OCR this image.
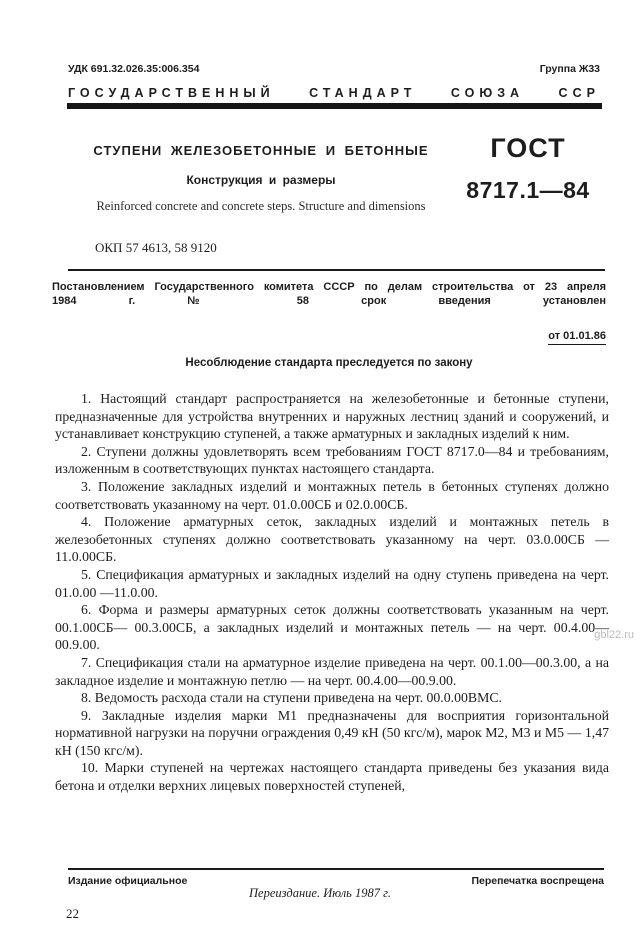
УДК 691.32.026.35:006.354	Группа Ж33
ГОСУДАРСТВЕННЫЙ СТАНДАРТ СОЮЗА ССР
СТУПЕНИ ЖЕЛЕЗОБЕТОННЫЕ И БЕТОННЫЕ
Конструкция и размеры
Reinforced concrete and concrete steps. Structure and dimensions
ГОСТ
8717.1—84
ОКП 57 4613, 58 9120
Постановлением Государственного комитета СССР по делам строительства от 23 апреля 1984 г. № 58 срок введения установлен
от 01.01.86
Несоблюдение стандарта преследуется по закону

1. Настоящий стандарт распространяется на железобетонные и бетонные ступени, предназначенные для устройства внутренних и наружных лестниц зданий и сооружений, и устанавливает конструкцию ступеней, а также арматурных и закладных изделий к ним.

2. Ступени должны удовлетворять всем требованиям ГОСТ 8717.0—84 и требованиям, изложенным в соответствующих пунктах настоящего стандарта.

3. Положение закладных изделий и монтажных петель в бетонных ступенях должно соответствовать указанному на черт. 01.0.00СБ и 02.0.00СБ.

4. Положение арматурных сеток, закладных изделий и монтажных петель в железобетонных ступенях должно соответствовать указанному на черт. 03.0.00СБ — 11.0.00СБ.

5. Спецификация арматурных и закладных изделий на одну ступень приведена на черт. 01.0.00 —11.0.00.

6. Форма и размеры арматурных сеток должны соответствовать указанным на черт. 00.1.00СБ— 00.3.00СБ, а закладных изделий и монтажных петель — на черт. 00.4.00—00.9.00.

7. Спецификация стали на арматурное изделие приведена на черт. 00.1.00—00.3.00, а на закладное изделие и монтажную петлю — на черт. 00.4.00—00.9.00.

8. Ведомость расхода стали на ступени приведена на черт. 00.0.00ВМС.

9. Закладные изделия марки М1 предназначены для восприятия горизонтальной нормативной нагрузки на поручни ограждения 0,49 кН (50 кгс/м), марок М2, М3 и М5 — 1,47 кН (150 кгс/м).

10. Марки ступеней на чертежах настоящего стандарта приведены без указания вида бетона и отделки верхних лицевых поверхностей ступеней,

gbl22.ru
Издание официальное	Перепечатка воспрещена
Переиздание. Июль 1987 г.
22
